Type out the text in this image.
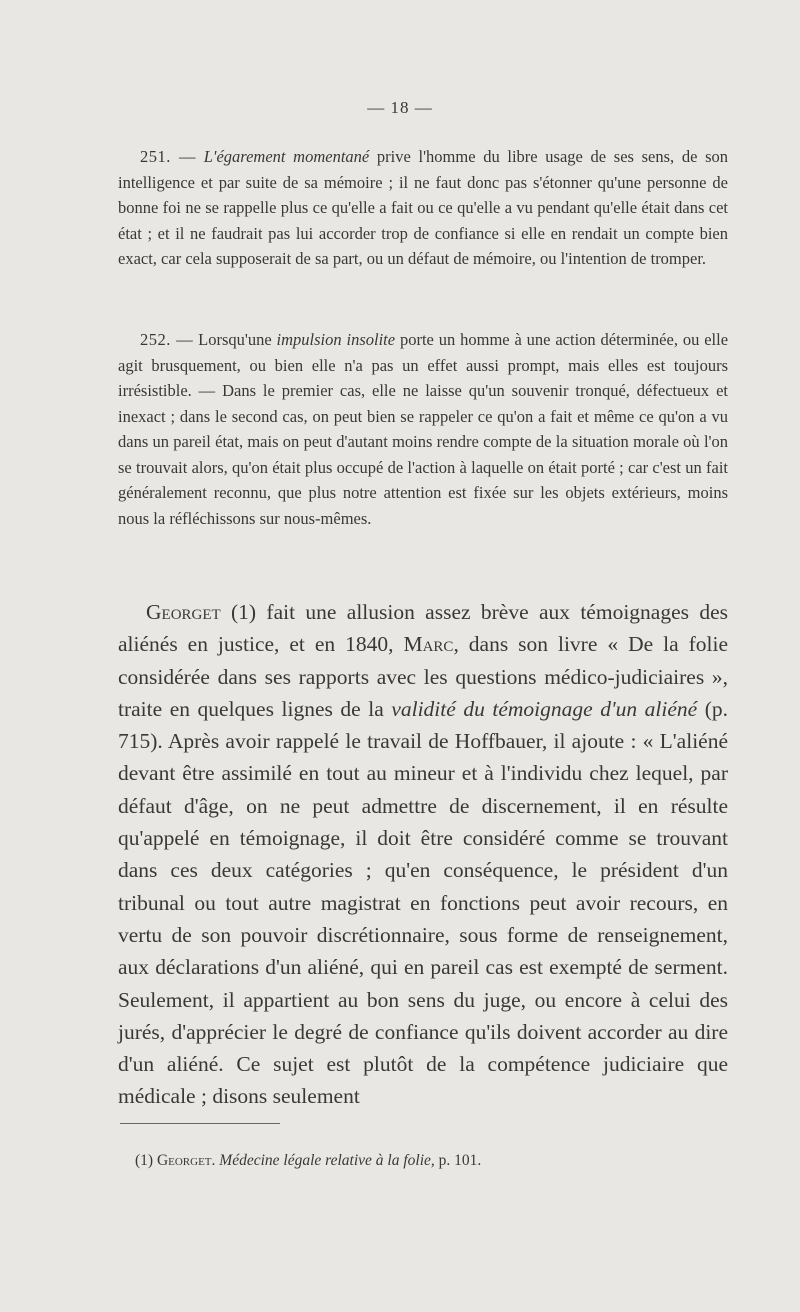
— 18 —

251. — L'égarement momentané prive l'homme du libre usage de ses sens, de son intelligence et par suite de sa mémoire ; il ne faut donc pas s'étonner qu'une personne de bonne foi ne se rappelle plus ce qu'elle a fait ou ce qu'elle a vu pendant qu'elle était dans cet état ; et il ne faudrait pas lui accorder trop de confiance si elle en rendait un compte bien exact, car cela supposerait de sa part, ou un défaut de mémoire, ou l'intention de tromper.

252. — Lorsqu'une impulsion insolite porte un homme à une action déterminée, ou elle agit brusquement, ou bien elle n'a pas un effet aussi prompt, mais elles est toujours irrésistible. — Dans le premier cas, elle ne laisse qu'un souvenir tronqué, défectueux et inexact ; dans le second cas, on peut bien se rappeler ce qu'on a fait et même ce qu'on a vu dans un pareil état, mais on peut d'autant moins rendre compte de la situation morale où l'on se trouvait alors, qu'on était plus occupé de l'action à laquelle on était porté ; car c'est un fait généralement reconnu, que plus notre attention est fixée sur les objets extérieurs, moins nous la réfléchissons sur nous-mêmes.

Georget (1) fait une allusion assez brève aux témoignages des aliénés en justice, et en 1840, Marc, dans son livre « De la folie considérée dans ses rapports avec les questions médico-judiciaires », traite en quelques lignes de la validité du témoignage d'un aliéné (p. 715). Après avoir rappelé le travail de Hoffbauer, il ajoute : « L'aliéné devant être assimilé en tout au mineur et à l'individu chez lequel, par défaut d'âge, on ne peut admettre de discernement, il en résulte qu'appelé en témoignage, il doit être considéré comme se trouvant dans ces deux catégories ; qu'en conséquence, le président d'un tribunal ou tout autre magistrat en fonctions peut avoir recours, en vertu de son pouvoir discrétionnaire, sous forme de renseignement, aux déclarations d'un aliéné, qui en pareil cas est exempté de serment. Seulement, il appartient au bon sens du juge, ou encore à celui des jurés, d'apprécier le degré de confiance qu'ils doivent accorder au dire d'un aliéné. Ce sujet est plutôt de la compétence judiciaire que médicale ; disons seulement

(1) Georget. Médecine légale relative à la folie, p. 101.
